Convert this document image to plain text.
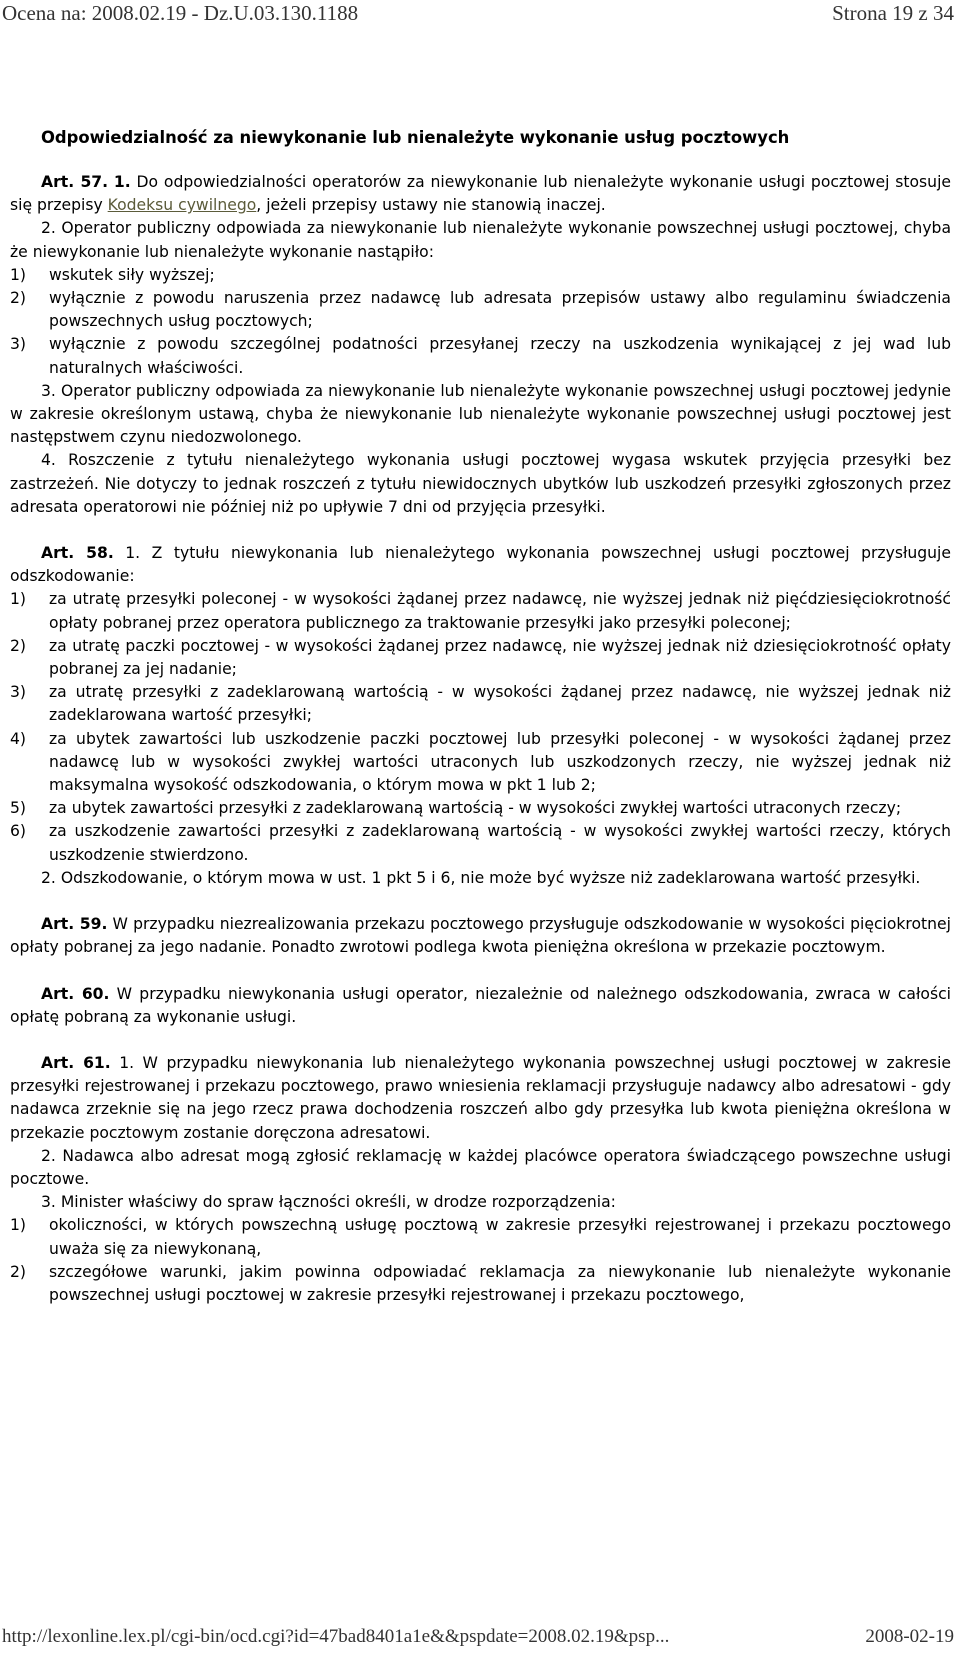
Ocena na: 2008.02.19 - Dz.U.03.130.1188	Strona 19 z 34
Odpowiedzialność za niewykonanie lub nienależyte wykonanie usług pocztowych

Art. 57. 1. Do odpowiedzialności operatorów za niewykonanie lub nienależyte wykonanie usługi pocztowej stosuje się przepisy Kodeksu cywilnego, jeżeli przepisy ustawy nie stanowią inaczej.

2. Operator publiczny odpowiada za niewykonanie lub nienależyte wykonanie powszechnej usługi pocztowej, chyba że niewykonanie lub nienależyte wykonanie nastąpiło:

1)	wskutek siły wyższej;
2)	wyłącznie z powodu naruszenia przez nadawcę lub adresata przepisów ustawy albo regulaminu świadczenia powszechnych usług pocztowych;
3)	wyłącznie z powodu szczególnej podatności przesyłanej rzeczy na uszkodzenia wynikającej z jej wad lub naturalnych właściwości.

3. Operator publiczny odpowiada za niewykonanie lub nienależyte wykonanie powszechnej usługi pocztowej jedynie w zakresie określonym ustawą, chyba że niewykonanie lub nienależyte wykonanie powszechnej usługi pocztowej jest następstwem czynu niedozwolonego.

4. Roszczenie z tytułu nienależytego wykonania usługi pocztowej wygasa wskutek przyjęcia przesyłki bez zastrzeżeń. Nie dotyczy to jednak roszczeń z tytułu niewidocznych ubytków lub uszkodzeń przesyłki zgłoszonych przez adresata operatorowi nie później niż po upływie 7 dni od przyjęcia przesyłki.

Art. 58. 1. Z tytułu niewykonania lub nienależytego wykonania powszechnej usługi pocztowej przysługuje odszkodowanie:

1)	za utratę przesyłki poleconej - w wysokości żądanej przez nadawcę, nie wyższej jednak niż pięćdziesięciokrotność opłaty pobranej przez operatora publicznego za traktowanie przesyłki jako przesyłki poleconej;
2)	za utratę paczki pocztowej - w wysokości żądanej przez nadawcę, nie wyższej jednak niż dziesięciokrotność opłaty pobranej za jej nadanie;
3)	za utratę przesyłki z zadeklarowaną wartością - w wysokości żądanej przez nadawcę, nie wyższej jednak niż zadeklarowana wartość przesyłki;
4)	za ubytek zawartości lub uszkodzenie paczki pocztowej lub przesyłki poleconej - w wysokości żądanej przez nadawcę lub w wysokości zwykłej wartości utraconych lub uszkodzonych rzeczy, nie wyższej jednak niż maksymalna wysokość odszkodowania, o którym mowa w pkt 1 lub 2;
5)	za ubytek zawartości przesyłki z zadeklarowaną wartością - w wysokości zwykłej wartości utraconych rzeczy;
6)	za uszkodzenie zawartości przesyłki z zadeklarowaną wartością - w wysokości zwykłej wartości rzeczy, których uszkodzenie stwierdzono.

2. Odszkodowanie, o którym mowa w ust. 1 pkt 5 i 6, nie może być wyższe niż zadeklarowana wartość przesyłki.

Art. 59. W przypadku niezrealizowania przekazu pocztowego przysługuje odszkodowanie w wysokości pięciokrotnej opłaty pobranej za jego nadanie. Ponadto zwrotowi podlega kwota pieniężna określona w przekazie pocztowym.

Art. 60. W przypadku niewykonania usługi operator, niezależnie od należnego odszkodowania, zwraca w całości opłatę pobraną za wykonanie usługi.

Art. 61. 1. W przypadku niewykonania lub nienależytego wykonania powszechnej usługi pocztowej w zakresie przesyłki rejestrowanej i przekazu pocztowego, prawo wniesienia reklamacji przysługuje nadawcy albo adresatowi - gdy nadawca zrzeknie się na jego rzecz prawa dochodzenia roszczeń albo gdy przesyłka lub kwota pieniężna określona w przekazie pocztowym zostanie doręczona adresatowi.

2. Nadawca albo adresat mogą zgłosić reklamację w każdej placówce operatora świadczącego powszechne usługi pocztowe.

3. Minister właściwy do spraw łączności określi, w drodze rozporządzenia:

1)	okoliczności, w których powszechną usługę pocztową w zakresie przesyłki rejestrowanej i przekazu pocztowego uważa się za niewykonaną,
2)	szczegółowe warunki, jakim powinna odpowiadać reklamacja za niewykonanie lub nienależyte wykonanie powszechnej usługi pocztowej w zakresie przesyłki rejestrowanej i przekazu pocztowego,
http://lexonline.lex.pl/cgi-bin/ocd.cgi?id=47bad8401a1e&&pspdate=2008.02.19&psp...	2008-02-19
